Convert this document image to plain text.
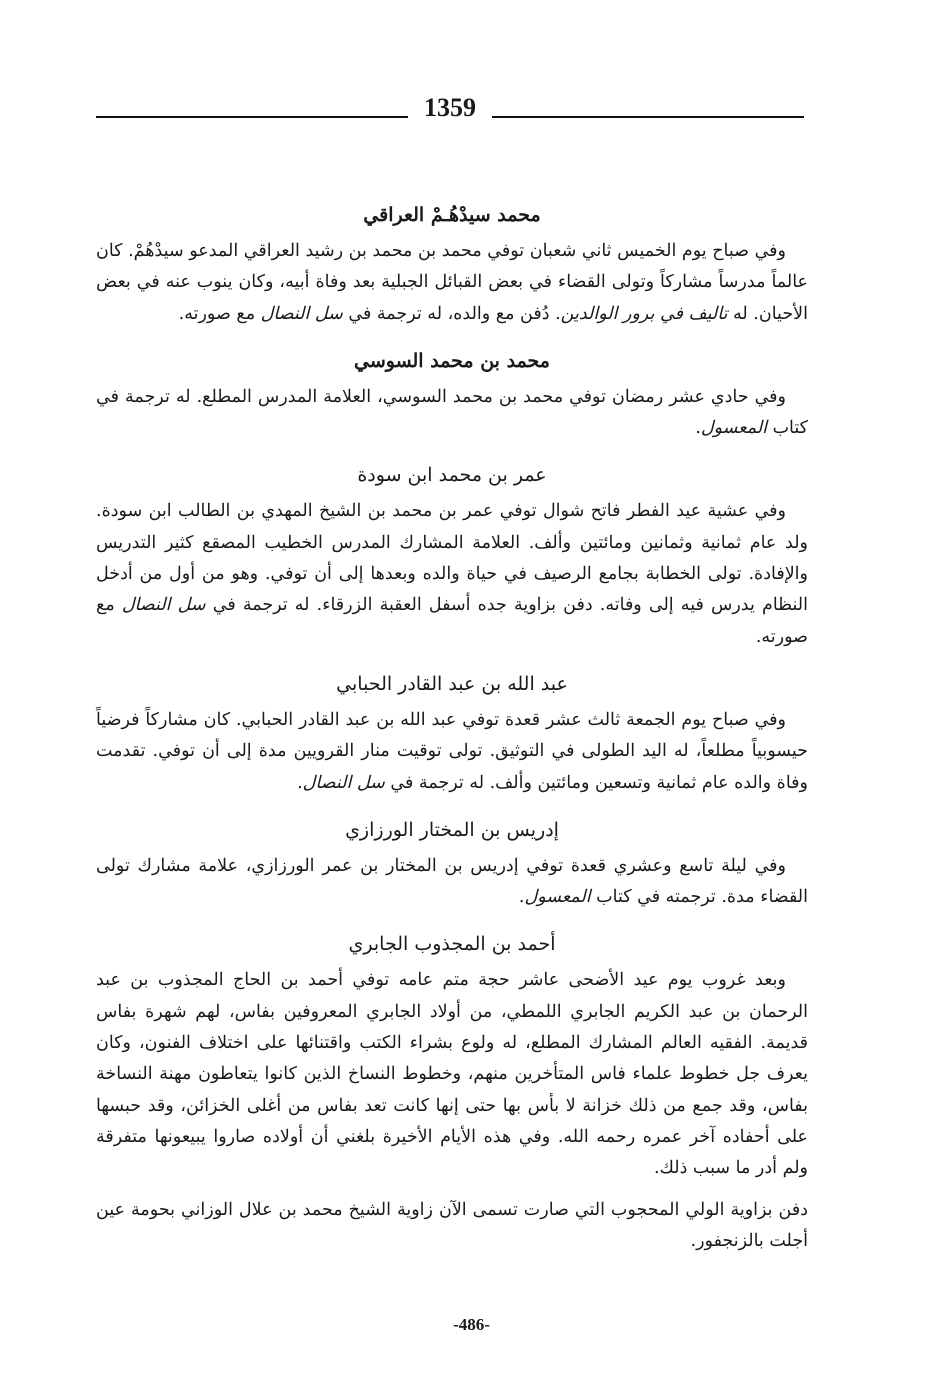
1359
محمد سيدْهُـمْ العراقي

وفي صباح يوم الخميس ثاني شعبان توفي محمد بن محمد بن رشيد العراقي المدعو سيدْهُمْ. كان عالماً مدرساً مشاركاً وتولى القضاء في بعض القبائل الجبلية بعد وفاة أبيه، وكان ينوب عنه في بعض الأحيان. له تاليف في برور الوالدين. دُفن مع والده، له ترجمة في سل النصال مع صورته.

محمد بن محمد السوسي

وفي حادي عشر رمضان توفي محمد بن محمد السوسي، العلامة المدرس المطلع. له ترجمة في كتاب المعسول.

عمر بن محمد ابن سودة

وفي عشية عيد الفطر فاتح شوال توفي عمر بن محمد بن الشيخ المهدي بن الطالب ابن سودة. ولد عام ثمانية وثمانين ومائتين وألف. العلامة المشارك المدرس الخطيب المصقع كثير التدريس والإفادة. تولى الخطابة بجامع الرصيف في حياة والده وبعدها إلى أن توفي. وهو من أول من أدخل النظام يدرس فيه إلى وفاته. دفن بزاوية جده أسفل العقبة الزرقاء. له ترجمة في سل النصال مع صورته.

عبد الله بن عبد القادر الحبابي

وفي صباح يوم الجمعة ثالث عشر قعدة توفي عبد الله بن عبد القادر الحبابي. كان مشاركاً فرضياً حيسوبياً مطلعاً، له اليد الطولى في التوثيق. تولى توقيت منار القرويين مدة إلى أن توفي. تقدمت وفاة والده عام ثمانية وتسعين ومائتين وألف. له ترجمة في سل النصال.

إدريس بن المختار الورزازي

وفي ليلة تاسع وعشري قعدة توفي إدريس بن المختار بن عمر الورزازي، علامة مشارك تولى القضاء مدة. ترجمته في كتاب المعسول.

أحمد بن المجذوب الجابري

وبعد غروب يوم عيد الأضحى عاشر حجة متم عامه توفي أحمد بن الحاج المجذوب بن عبد الرحمان بن عبد الكريم الجابري اللمطي، من أولاد الجابري المعروفين بفاس، لهم شهرة بفاس قديمة. الفقيه العالم المشارك المطلع، له ولوع بشراء الكتب واقتنائها على اختلاف الفنون، وكان يعرف جل خطوط علماء فاس المتأخرين منهم، وخطوط النساخ الذين كانوا يتعاطون مهنة النساخة بفاس، وقد جمع من ذلك خزانة لا بأس بها حتى إنها كانت تعد بفاس من أغلى الخزائن، وقد حبسها على أحفاده آخر عمره رحمه الله. وفي هذه الأيام الأخيرة بلغني أن أولاده صاروا يبيعونها متفرقة ولم أدر ما سبب ذلك.

دفن بزاوية الولي المحجوب التي صارت تسمى الآن زاوية الشيخ محمد بن علال الوزاني بحومة عين أجلت بالزنجفور.

-486-
